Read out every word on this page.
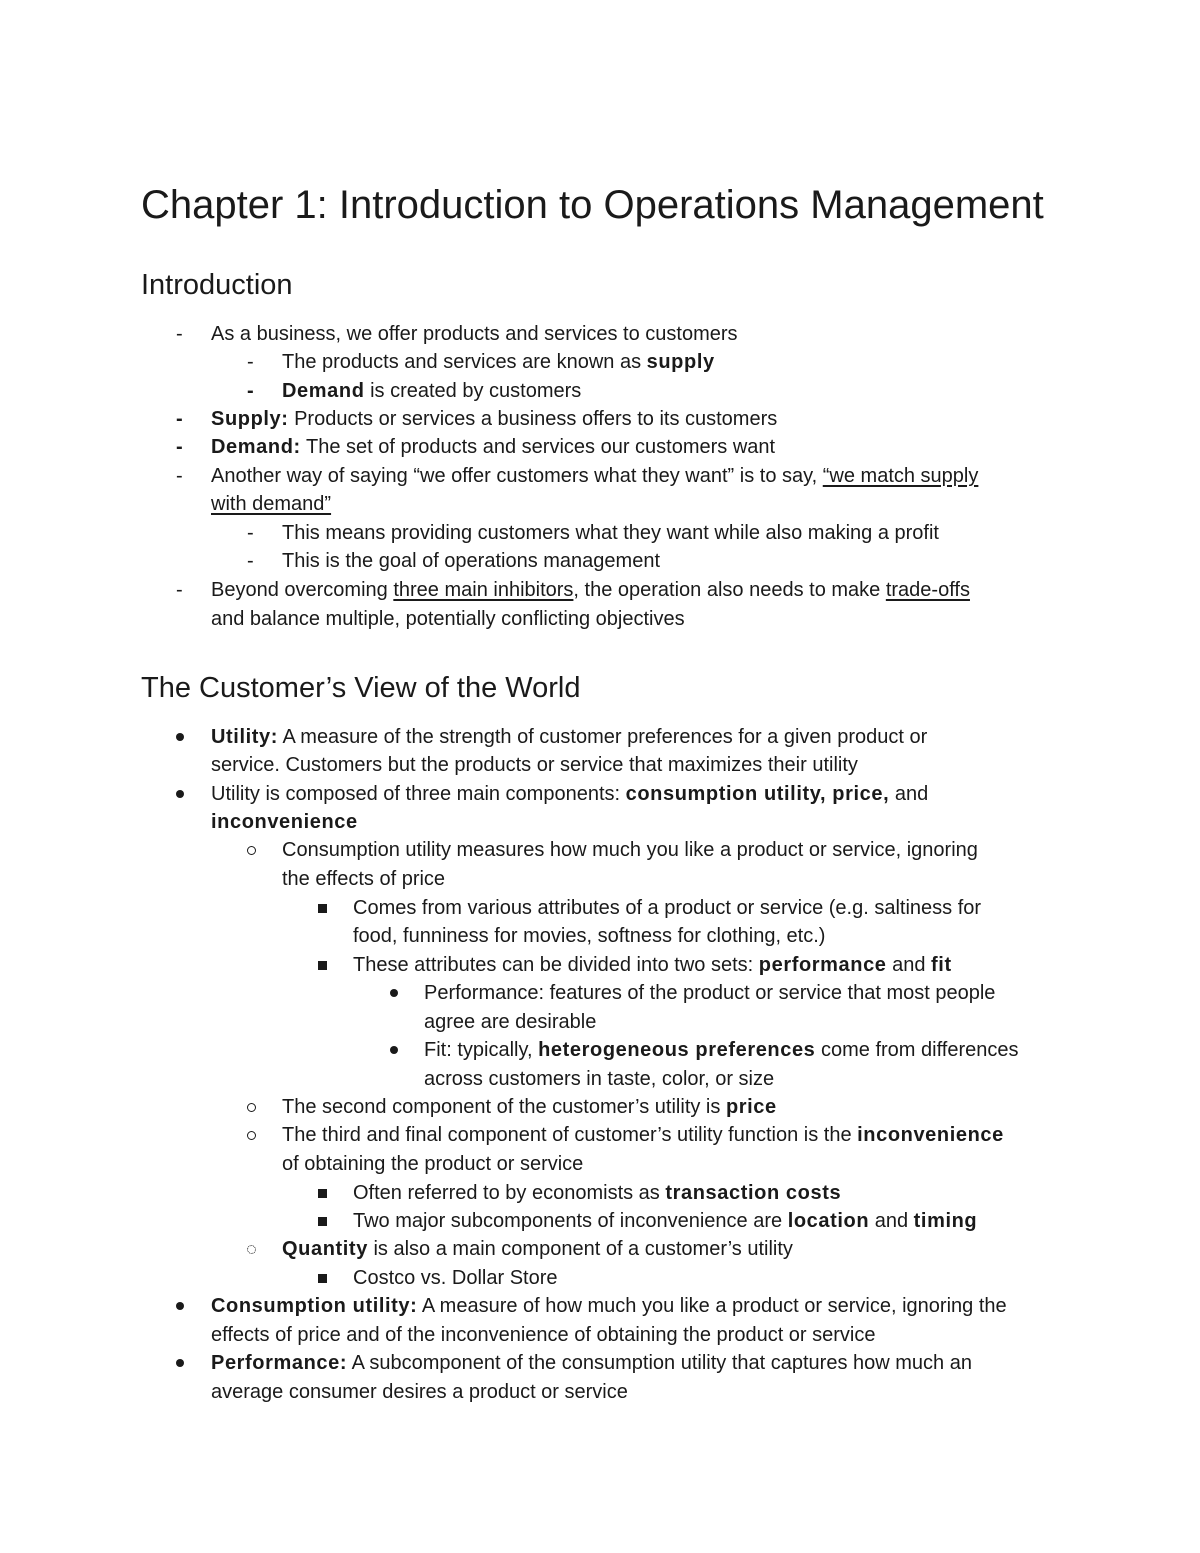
Chapter 1: Introduction to Operations Management
Introduction
- As a business, we offer products and services to customers
- The products and services are known as supply
- Demand is created by customers
- Supply: Products or services a business offers to its customers
- Demand: The set of products and services our customers want
- Another way of saying “we offer customers what they want” is to say, “we match supply
with demand”
- This means providing customers what they want while also making a profit
- This is the goal of operations management
- Beyond overcoming three main inhibitors, the operation also needs to make trade-offs
and balance multiple, potentially conflicting objectives
The Customer’s View of the World
Utility: A measure of the strength of customer preferences for a given product or
service. Customers but the products or service that maximizes their utility
Utility is composed of three main components: consumption utility, price, and
inconvenience
Consumption utility measures how much you like a product or service, ignoring
the effects of price
Comes from various attributes of a product or service (e.g. saltiness for
food, funniness for movies, softness for clothing, etc.)
These attributes can be divided into two sets: performance and fit
Performance: features of the product or service that most people
agree are desirable
Fit: typically, heterogeneous preferences come from differences
across customers in taste, color, or size
The second component of the customer’s utility is price
The third and final component of customer’s utility function is the inconvenience
of obtaining the product or service
Often referred to by economists as transaction costs
Two major subcomponents of inconvenience are location and timing
Quantity is also a main component of a customer’s utility
Costco vs. Dollar Store
Consumption utility: A measure of how much you like a product or service, ignoring the
effects of price and of the inconvenience of obtaining the product or service
Performance: A subcomponent of the consumption utility that captures how much an
average consumer desires a product or service
